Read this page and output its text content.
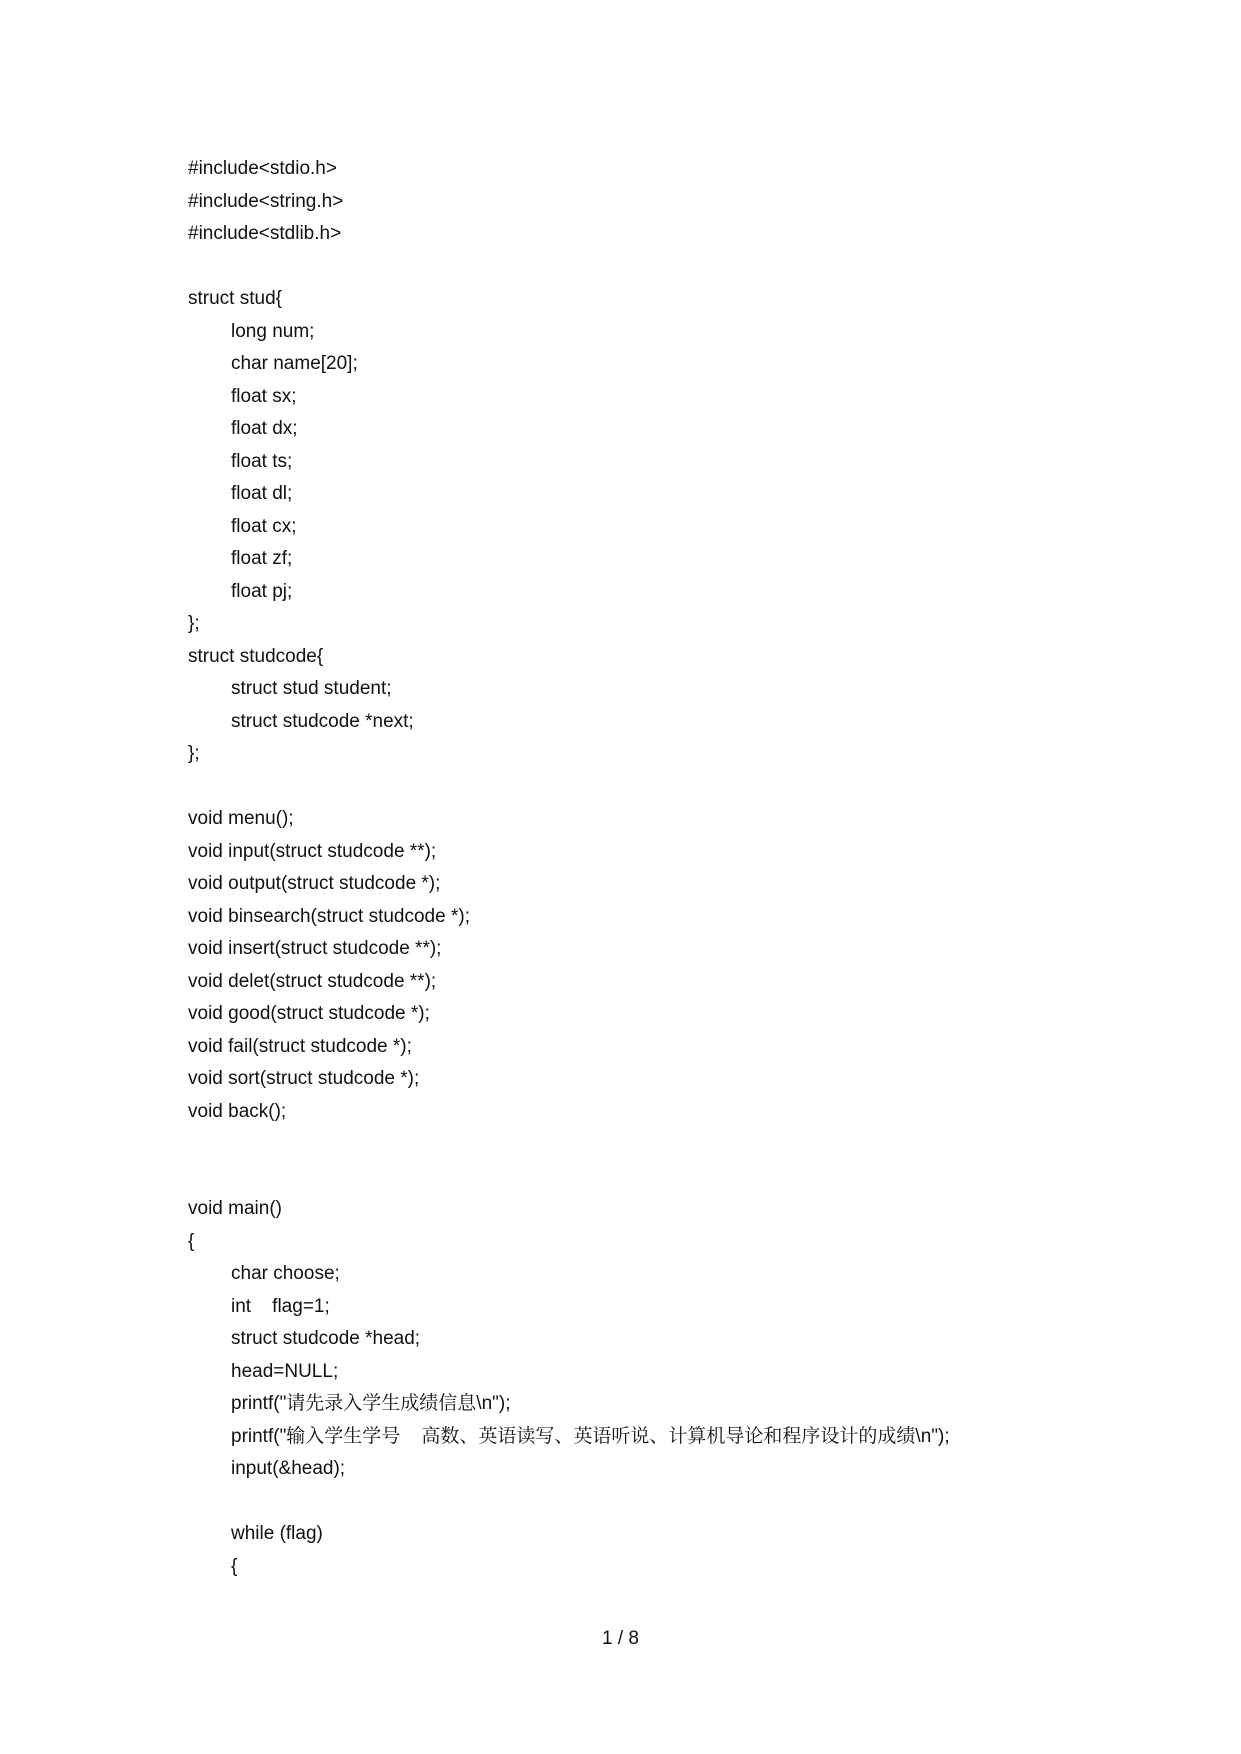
#include<stdio.h>
#include<string.h>
#include<stdlib.h>
struct stud{
long num;
char name[20];
float sx;
float dx;
float ts;
float dl;
float cx;
float zf;
float pj;
};
struct studcode{
struct stud student;
struct studcode *next;
};
void menu();
void input(struct studcode **);
void output(struct studcode *);
void binsearch(struct studcode *);
void insert(struct studcode **);
void delet(struct studcode **);
void good(struct studcode *);
void fail(struct studcode *);
void sort(struct studcode *);
void back();
void main()
{
char choose;
int    flag=1;
struct studcode *head;
head=NULL;
printf("请先录入学生成绩信息\n");
printf("输入学生学号    高数、英语读写、英语听说、计算机导论和程序设计的成绩\n");
input(&head);
while (flag)
{
1 / 8
